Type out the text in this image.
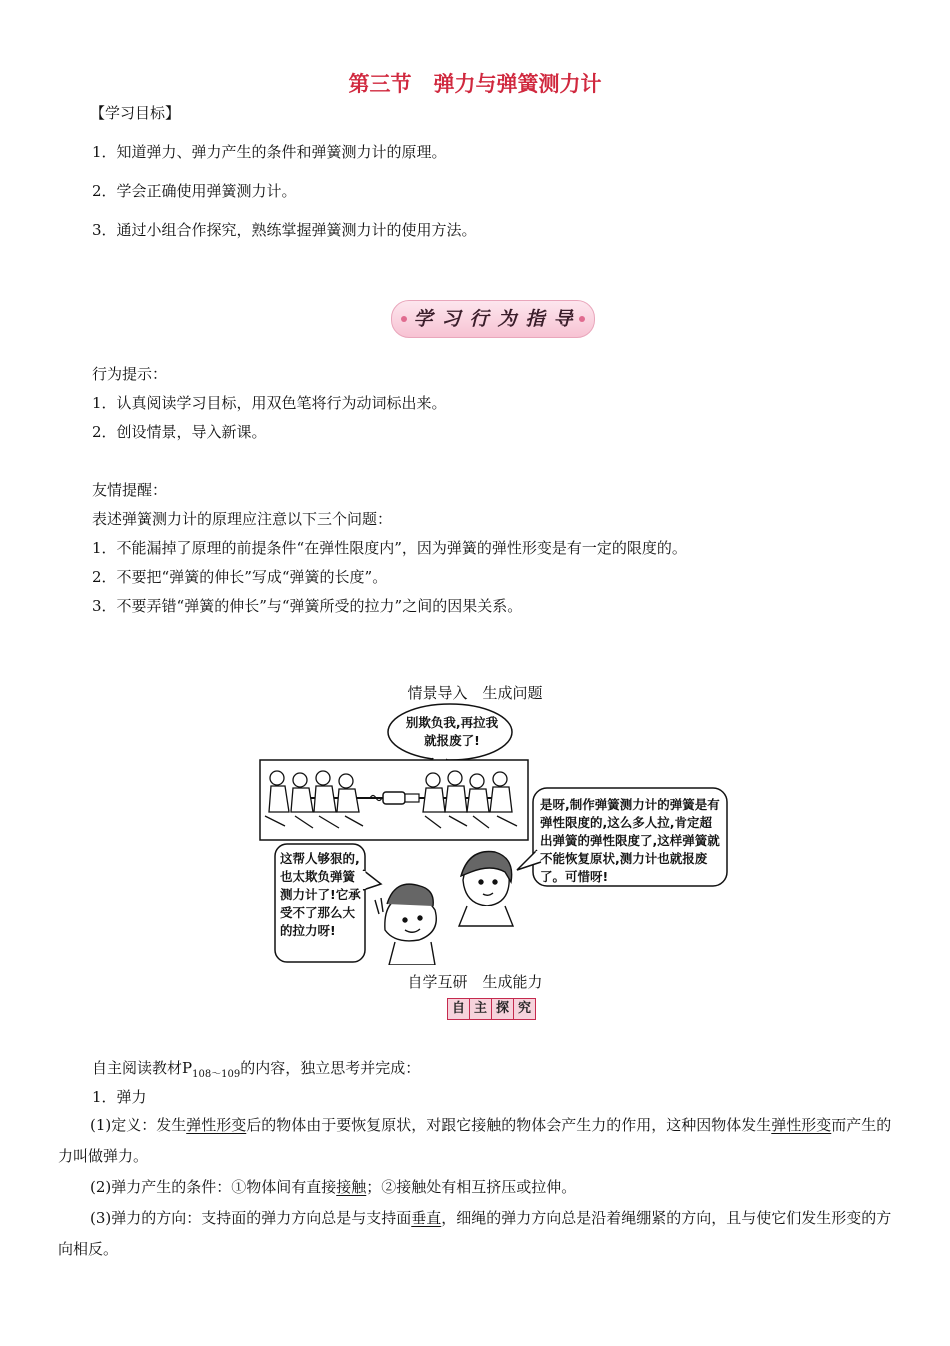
第三节 弹力与弹簧测力计
【学习目标】
1．知道弹力、弹力产生的条件和弹簧测力计的原理。
2．学会正确使用弹簧测力计。
3．通过小组合作探究，熟练掌握弹簧测力计的使用方法。
学 习 行 为 指 导
行为提示：
1．认真阅读学习目标，用双色笔将行为动词标出来。
2．创设情景，导入新课。
友情提醒：
表述弹簧测力计的原理应注意以下三个问题：
1．不能漏掉了原理的前提条件“在弹性限度内”，因为弹簧的弹性形变是有一定的限度的。
2．不要把“弹簧的伸长”写成“弹簧的长度”。
3．不要弄错“弹簧的伸长”与“弹簧所受的拉力”之间的因果关系。
情景导入　生成问题
别欺负我,再拉我就报废了!
这帮人够狠的,也太欺负弹簧测力计了!它承受不了那么大的拉力呀!
是呀,制作弹簧测力计的弹簧是有弹性限度的,这么多人拉,肯定超出弹簧的弹性限度了,这样弹簧就不能恢复原状,测力计也就报废了。可惜呀!
自学互研　生成能力
自 主 探 究
自主阅读教材$P_{108\sim 109}$的内容，独立思考并完成：
1．弹力
(1)定义：发生弹性形变后的物体由于要恢复原状，对跟它接触的物体会产生力的作用，这种因物体发生弹性形变而产生的力叫做弹力。
(2)弹力产生的条件：①物体间有直接接触；②接触处有相互挤压或拉伸。
(3)弹力的方向：支持面的弹力方向总是与支持面垂直，细绳的弹力方向总是沿着绳绷紧的方向，且与使它们发生形变的方向相反。
